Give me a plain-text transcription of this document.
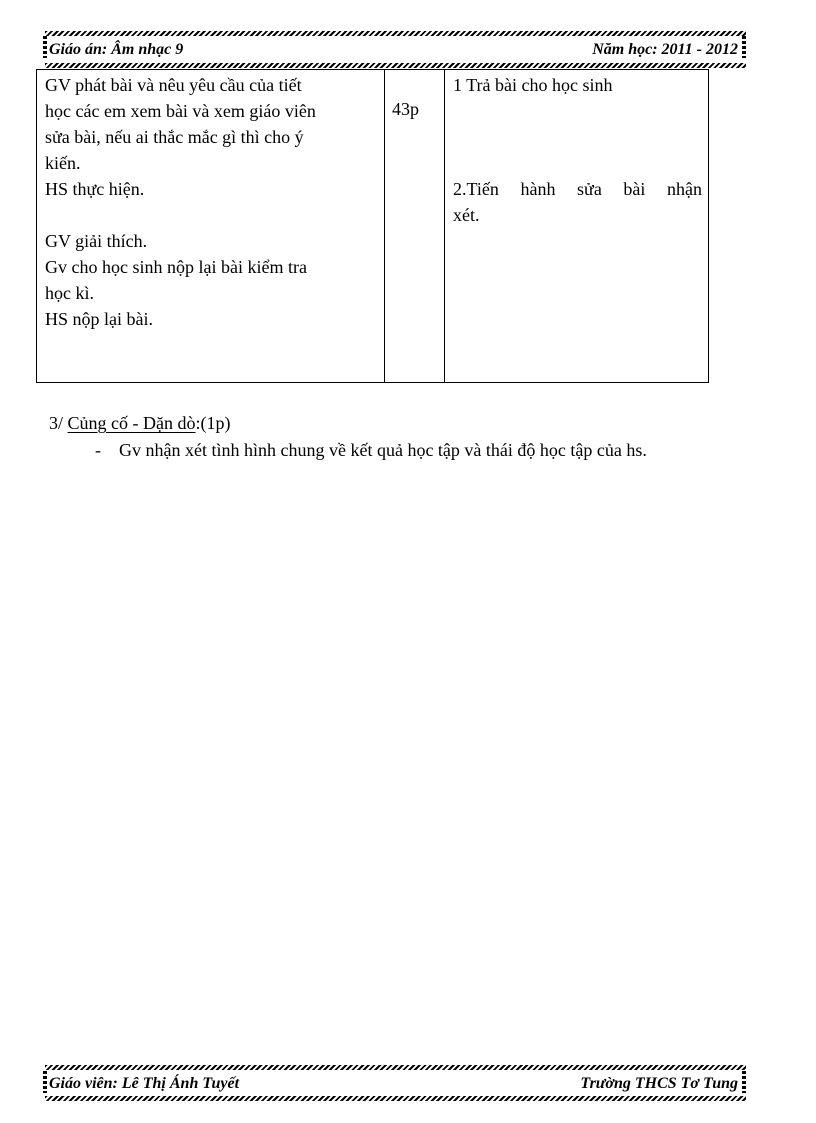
Giáo án: Âm nhạc 9	Năm học: 2011 - 2012
GV phát bài và nêu yêu cầu của tiết
học các em xem bài và xem giáo viên
sửa bài, nếu ai thắc mắc gì thì cho ý
kiến.
HS thực hiện.
GV giải thích.
Gv cho học sinh nộp lại bài kiểm tra
học kì.
HS nộp lại bài.
43p
1 Trả bài cho học sinh
2.Tiến hành sửa bài nhận
xét.
3/ Củng cố - Dặn dò:(1p)
- Gv nhận xét tình hình chung về kết quả học tập và thái độ học tập của hs.
Giáo viên: Lê Thị Ánh Tuyết	Trường THCS Tơ Tung
